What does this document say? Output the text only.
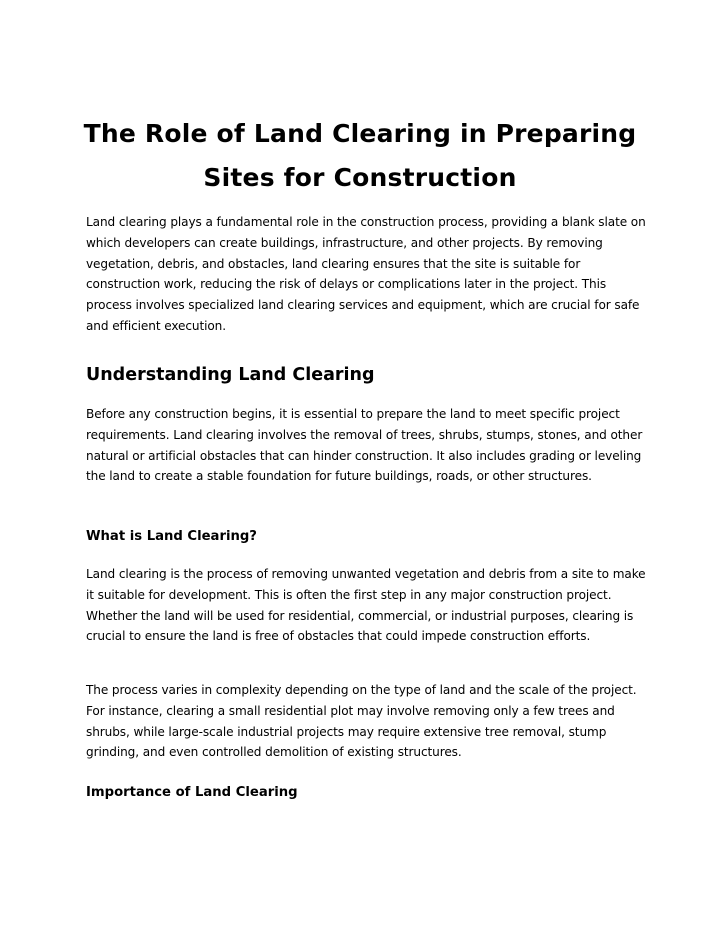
The Role of Land Clearing in Preparing Sites for Construction

Land clearing plays a fundamental role in the construction process, providing a blank slate on which developers can create buildings, infrastructure, and other projects. By removing vegetation, debris, and obstacles, land clearing ensures that the site is suitable for construction work, reducing the risk of delays or complications later in the project. This process involves specialized land clearing services and equipment, which are crucial for safe and efficient execution.

Understanding Land Clearing

Before any construction begins, it is essential to prepare the land to meet specific project requirements. Land clearing involves the removal of trees, shrubs, stumps, stones, and other natural or artificial obstacles that can hinder construction. It also includes grading or leveling the land to create a stable foundation for future buildings, roads, or other structures.

What is Land Clearing?

Land clearing is the process of removing unwanted vegetation and debris from a site to make it suitable for development. This is often the first step in any major construction project. Whether the land will be used for residential, commercial, or industrial purposes, clearing is crucial to ensure the land is free of obstacles that could impede construction efforts.

The process varies in complexity depending on the type of land and the scale of the project. For instance, clearing a small residential plot may involve removing only a few trees and shrubs, while large-scale industrial projects may require extensive tree removal, stump grinding, and even controlled demolition of existing structures.

Importance of Land Clearing
